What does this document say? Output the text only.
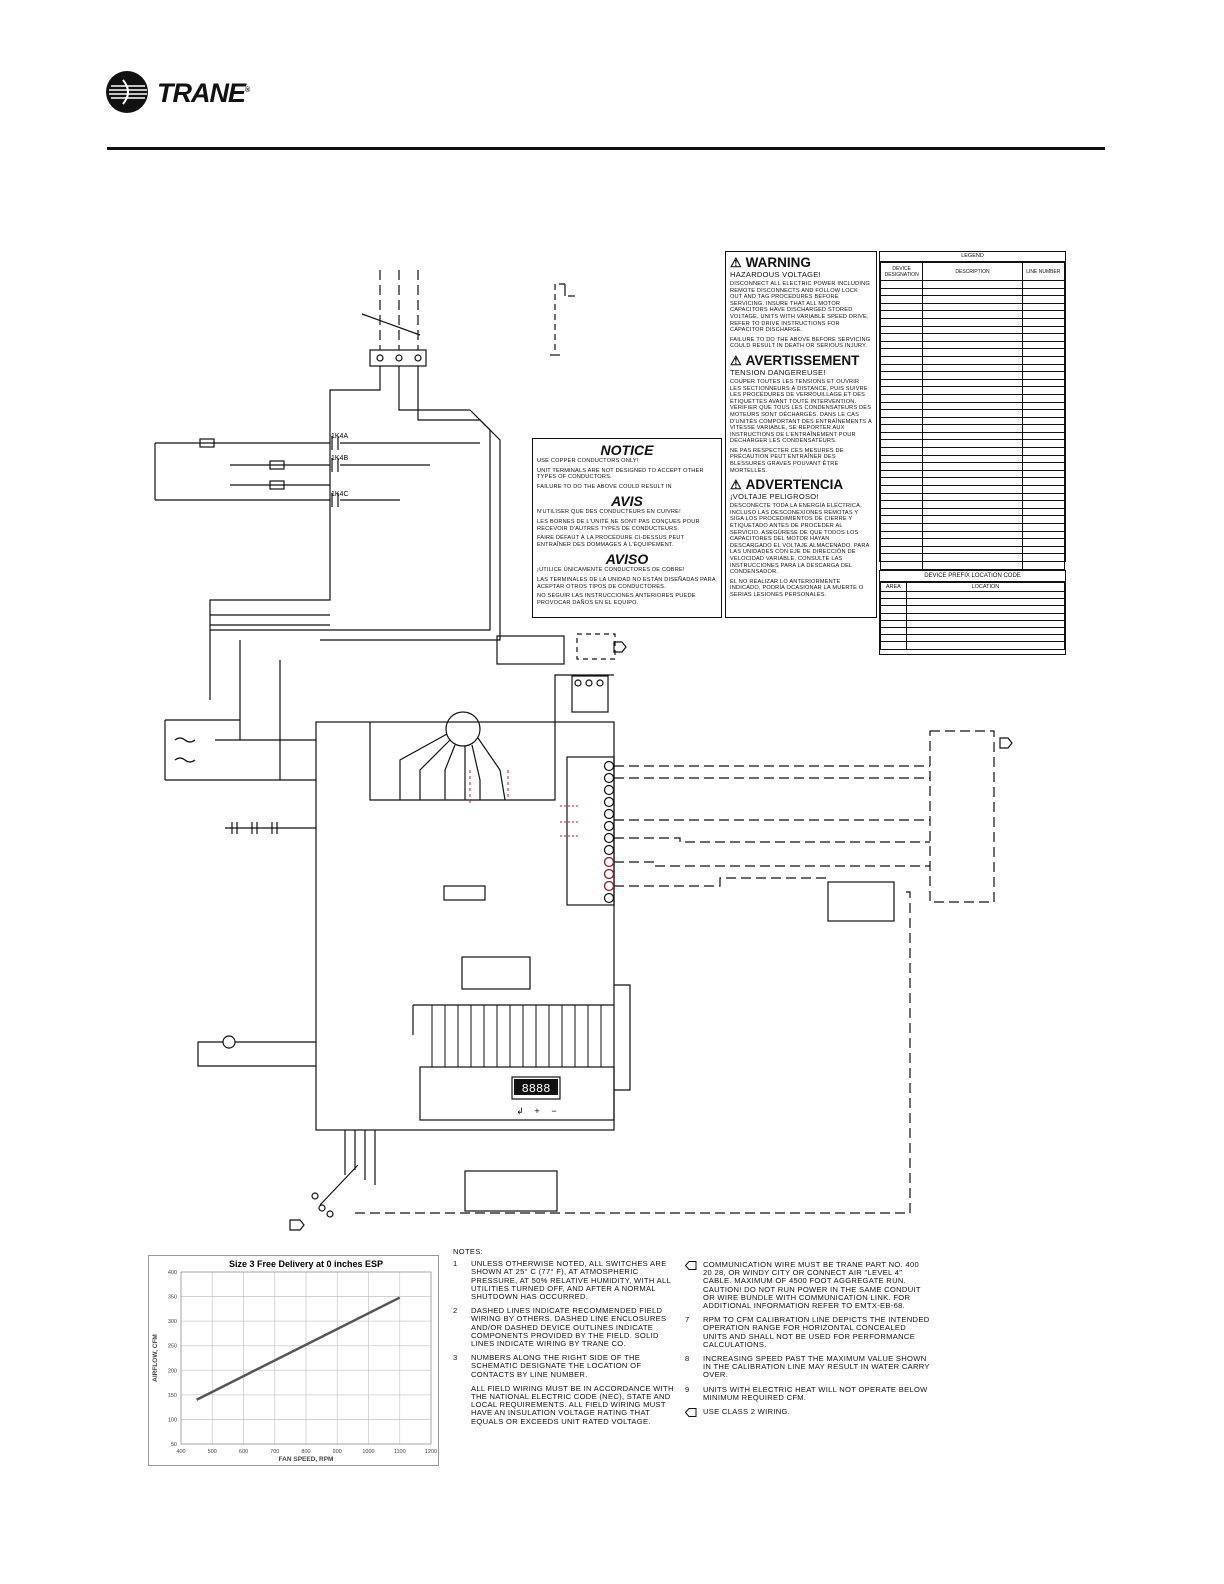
TRANE®
1K4A
1K4B
1K4C
8888
↲ + −
NOTICE

USE COPPER CONDUCTORS ONLY!

UNIT TERMINALS ARE NOT DESIGNED TO ACCEPT OTHER TYPES OF CONDUCTORS.

FAILURE TO DO THE ABOVE COULD RESULT IN

AVIS

N'UTILISER QUE DES CONDUCTEURS EN CUIVRE!

LES BORNES DE L'UNITÉ NE SONT PAS CONÇUES POUR RECEVOIR D'AUTRES TYPES DE CONDUCTEURS.

FAIRE DÉFAUT À LA PROCÉDURE CI-DESSUS PEUT ENTRAÎNER DES DOMMAGES À L'ÉQUIPEMENT.

AVISO

¡UTILICE ÚNICAMENTE CONDUCTORES DE COBRE!

LAS TERMINALES DE LA UNIDAD NO ESTÁN DISEÑADAS PARA ACEPTAR OTROS TIPOS DE CONDUCTORES.

NO SEGUIR LAS INSTRUCCIONES ANTERIORES PUEDE PROVOCAR DAÑOS EN EL EQUIPO.

⚠ WARNING
HAZARDOUS VOLTAGE!

DISCONNECT ALL ELECTRIC POWER INCLUDING REMOTE DISCONNECTS AND FOLLOW LOCK OUT AND TAG PROCEDURES BEFORE SERVICING. INSURE THAT ALL MOTOR CAPACITORS HAVE DISCHARGED STORED VOLTAGE. UNITS WITH VARIABLE SPEED DRIVE, REFER TO DRIVE INSTRUCTIONS FOR CAPACITOR DISCHARGE.

FAILURE TO DO THE ABOVE BEFORE SERVICING COULD RESULT IN DEATH OR SERIOUS INJURY.

⚠ AVERTISSEMENT
TENSION DANGEREUSE!

COUPER TOUTES LES TENSIONS ET OUVRIR LES SECTIONNEURS À DISTANCE, PUIS SUIVRE LES PROCÉDURES DE VERROUILLAGE ET DES ÉTIQUETTES AVANT TOUTE INTERVENTION. VÉRIFIER QUE TOUS LES CONDENSATEURS DES MOTEURS SONT DÉCHARGÉS. DANS LE CAS D'UNITÉS COMPORTANT DES ENTRAÎNEMENTS À VITESSE VARIABLE, SE REPORTER AUX INSTRUCTIONS DE L'ENTRAÎNEMENT POUR DÉCHARGER LES CONDENSATEURS.

NE PAS RESPECTER CES MESURES DE PRÉCAUTION PEUT ENTRAÎNER DES BLESSURES GRAVES POUVANT ÊTRE MORTELLES.

⚠ ADVERTENCIA
¡VOLTAJE PELIGROSO!

DESCONECTE TODA LA ENERGÍA ELÉCTRICA, INCLUSO LAS DESCONEXIONES REMOTAS Y SIGA LOS PROCEDIMIENTOS DE CIERRE Y ETIQUETADO ANTES DE PROCEDER AL SERVICIO. ASEGÚRESE DE QUE TODOS LOS CAPACITORES DEL MOTOR HAYAN DESCARGADO EL VOLTAJE ALMACENADO. PARA LAS UNIDADES CON EJE DE DIRECCIÓN DE VELOCIDAD VARIABLE, CONSULTE LAS INSTRUCCIONES PARA LA DESCARGA DEL CONDENSADOR.

EL NO REALIZAR LO ANTERIORMENTE INDICADO, PODRÍA OCASIONAR LA MUERTE O SERIAS LESIONES PERSONALES.

LEGEND
DEVICE DESIGNATION	DESCRIPTION	LINE NUMBER

DEVICE PREFIX LOCATION CODE
AREA	LOCATION

Size 3 Free Delivery at 0 inches ESP
400	500	600	700	800	900	1000	1100	1200
50
100
150
200
250
300
350
400
FAN SPEED, RPM
AIRFLOW, CFM
NOTES:
1	UNLESS OTHERWISE NOTED, ALL SWITCHES ARE SHOWN AT 25° C (77° F), AT ATMOSPHERIC PRESSURE, AT 50% RELATIVE HUMIDITY, WITH ALL UTILITIES TURNED OFF, AND AFTER A NORMAL SHUTDOWN HAS OCCURRED.
2	DASHED LINES INDICATE RECOMMENDED FIELD WIRING BY OTHERS. DASHED LINE ENCLOSURES AND/OR DASHED DEVICE OUTLINES INDICATE COMPONENTS PROVIDED BY THE FIELD. SOLID LINES INDICATE WIRING BY TRANE CO.
3	NUMBERS ALONG THE RIGHT SIDE OF THE SCHEMATIC DESIGNATE THE LOCATION OF CONTACTS BY LINE NUMBER.
ALL FIELD WIRING MUST BE IN ACCORDANCE WITH THE NATIONAL ELECTRIC CODE (NEC), STATE AND LOCAL REQUIREMENTS. ALL FIELD WIRING MUST HAVE AN INSULATION VOLTAGE RATING THAT EQUALS OR EXCEEDS UNIT RATED VOLTAGE.
COMMUNICATION WIRE MUST BE TRANE PART NO. 400 20 28, OR WINDY CITY OR CONNECT AIR "LEVEL 4" CABLE. MAXIMUM OF 4500 FOOT AGGREGATE RUN. CAUTION! DO NOT RUN POWER IN THE SAME CONDUIT OR WIRE BUNDLE WITH COMMUNICATION LINK. FOR ADDITIONAL INFORMATION REFER TO EMTX-EB-68.
7	RPM TO CFM CALIBRATION LINE DEPICTS THE INTENDED OPERATION RANGE FOR HORIZONTAL CONCEALED UNITS AND SHALL NOT BE USED FOR PERFORMANCE CALCULATIONS.
8	INCREASING SPEED PAST THE MAXIMUM VALUE SHOWN IN THE CALIBRATION LINE MAY RESULT IN WATER CARRY OVER.
9	UNITS WITH ELECTRIC HEAT WILL NOT OPERATE BELOW MINIMUM REQUIRED CFM.
USE CLASS 2 WIRING.
